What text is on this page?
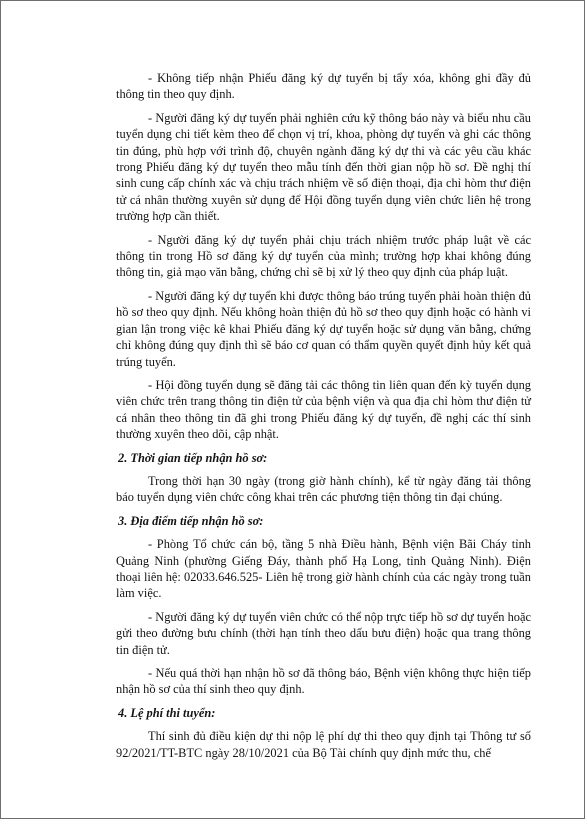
- Không tiếp nhận Phiếu đăng ký dự tuyển bị tẩy xóa, không ghi đầy đủ thông tin theo quy định.

- Người đăng ký dự tuyển phải nghiên cứu kỹ thông báo này và biểu nhu cầu tuyển dụng chi tiết kèm theo để chọn vị trí, khoa, phòng dự tuyển và ghi các thông tin đúng, phù hợp với trình độ, chuyên ngành đăng ký dự thi và các yêu cầu khác trong Phiếu đăng ký dự tuyển theo mẫu tính đến thời gian nộp hồ sơ. Đề nghị thí sinh cung cấp chính xác và chịu trách nhiệm về số điện thoại, địa chỉ hòm thư điện tử cá nhân thường xuyên sử dụng để Hội đồng tuyển dụng viên chức liên hệ trong trường hợp cần thiết.

- Người đăng ký dự tuyển phải chịu trách nhiệm trước pháp luật về các thông tin trong Hồ sơ đăng ký dự tuyển của mình; trường hợp khai không đúng thông tin, giả mạo văn bằng, chứng chỉ sẽ bị xử lý theo quy định của pháp luật.

- Người đăng ký dự tuyển khi được thông báo trúng tuyển phải hoàn thiện đủ hồ sơ theo quy định. Nếu không hoàn thiện đủ hồ sơ theo quy định hoặc có hành vi gian lận trong việc kê khai Phiếu đăng ký dự tuyển hoặc sử dụng văn bằng, chứng chỉ không đúng quy định thì sẽ báo cơ quan có thẩm quyền quyết định hủy kết quả trúng tuyển.

- Hội đồng tuyển dụng sẽ đăng tải các thông tin liên quan đến kỳ tuyển dụng viên chức trên trang thông tin điện tử của bệnh viện và qua địa chỉ hòm thư điện tử cá nhân theo thông tin đã ghi trong Phiếu đăng ký dự tuyển, đề nghị các thí sinh thường xuyên theo dõi, cập nhật.

2. Thời gian tiếp nhận hồ sơ:

Trong thời hạn 30 ngày (trong giờ hành chính), kể từ ngày đăng tải thông báo tuyển dụng viên chức công khai trên các phương tiện thông tin đại chúng.

3. Địa điểm tiếp nhận hồ sơ:

- Phòng Tổ chức cán bộ, tầng 5 nhà Điều hành, Bệnh viện Bãi Cháy tỉnh Quảng Ninh (phường Giếng Đáy, thành phố Hạ Long, tỉnh Quảng Ninh). Điện thoại liên hệ: 02033.646.525- Liên hệ trong giờ hành chính của các ngày trong tuần làm việc.

- Người đăng ký dự tuyển viên chức có thể nộp trực tiếp hồ sơ dự tuyển hoặc gửi theo đường bưu chính (thời hạn tính theo dấu bưu điện) hoặc qua trang thông tin điện tử.

- Nếu quá thời hạn nhận hồ sơ đã thông báo, Bệnh viện không thực hiện tiếp nhận hồ sơ của thí sinh theo quy định.

4. Lệ phí thi tuyển:

Thí sinh đủ điều kiện dự thi nộp lệ phí dự thi theo quy định tại Thông tư số 92/2021/TT-BTC ngày 28/10/2021 của Bộ Tài chính quy định mức thu, chế
